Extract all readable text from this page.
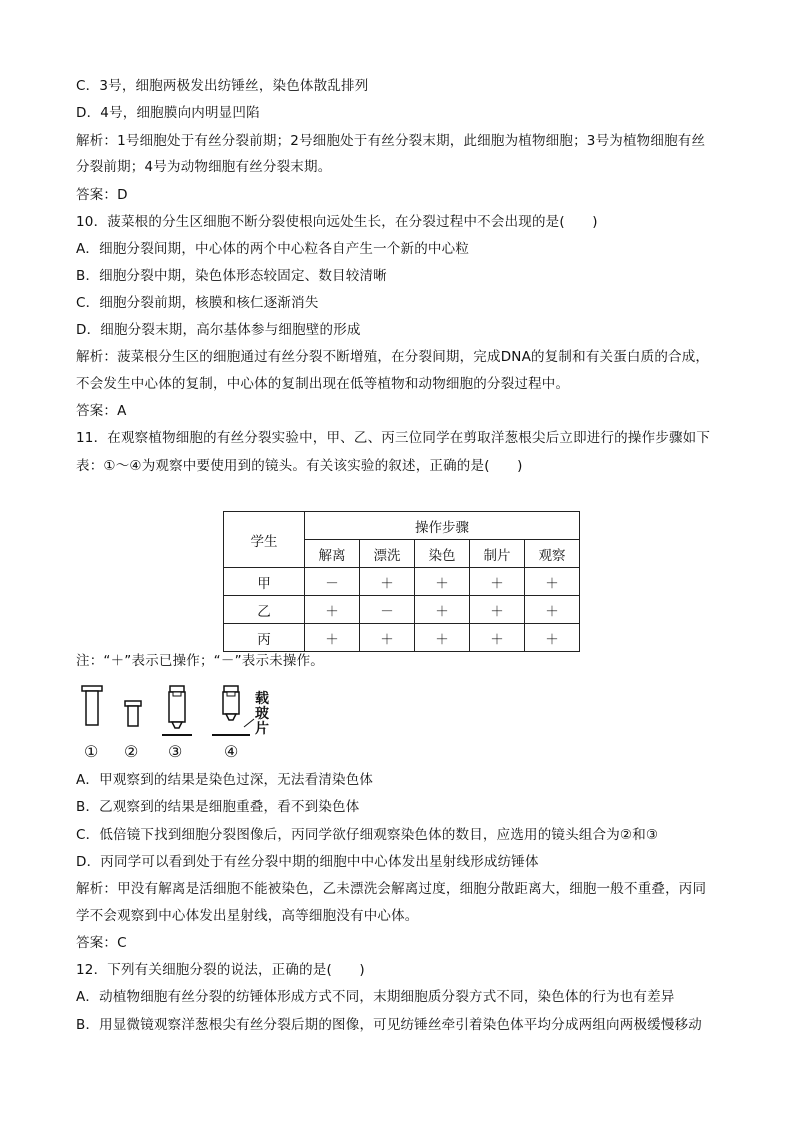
C．3号，细胞两极发出纺锤丝，染色体散乱排列
D．4号，细胞膜向内明显凹陷
解析：1号细胞处于有丝分裂前期；2号细胞处于有丝分裂末期，此细胞为植物细胞；3号为植物细胞有丝
分裂前期；4号为动物细胞有丝分裂末期。
答案：D
10．菠菜根的分生区细胞不断分裂使根向远处生长，在分裂过程中不会出现的是(　　)
A．细胞分裂间期，中心体的两个中心粒各自产生一个新的中心粒
B．细胞分裂中期，染色体形态较固定、数目较清晰
C．细胞分裂前期，核膜和核仁逐渐消失
D．细胞分裂末期，高尔基体参与细胞壁的形成
解析：菠菜根分生区的细胞通过有丝分裂不断增殖，在分裂间期，完成DNA的复制和有关蛋白质的合成，
不会发生中心体的复制，中心体的复制出现在低等植物和动物细胞的分裂过程中。
答案：A
11．在观察植物细胞的有丝分裂实验中，甲、乙、丙三位同学在剪取洋葱根尖后立即进行的操作步骤如下
表：①～④为观察中要使用到的镜头。有关该实验的叙述，正确的是(　　)
学生	操作步骤				
	解离	漂洗	染色	制片	观察
甲	－	＋	＋	＋	＋
乙	＋	－	＋	＋	＋
丙	＋	＋	＋	＋	＋
注：“＋”表示已操作；“－”表示未操作。
载玻片
① ② ③	④
A．甲观察到的结果是染色过深，无法看清染色体
B．乙观察到的结果是细胞重叠，看不到染色体
C．低倍镜下找到细胞分裂图像后，丙同学欲仔细观察染色体的数目，应选用的镜头组合为②和③
D．丙同学可以看到处于有丝分裂中期的细胞中中心体发出星射线形成纺锤体
解析：甲没有解离是活细胞不能被染色，乙未漂洗会解离过度，细胞分散距离大，细胞一般不重叠，丙同
学不会观察到中心体发出星射线，高等细胞没有中心体。
答案：C
12．下列有关细胞分裂的说法，正确的是(　　)
A．动植物细胞有丝分裂的纺锤体形成方式不同，末期细胞质分裂方式不同，染色体的行为也有差异
B．用显微镜观察洋葱根尖有丝分裂后期的图像，可见纺锤丝牵引着染色体平均分成两组向两极缓慢移动
